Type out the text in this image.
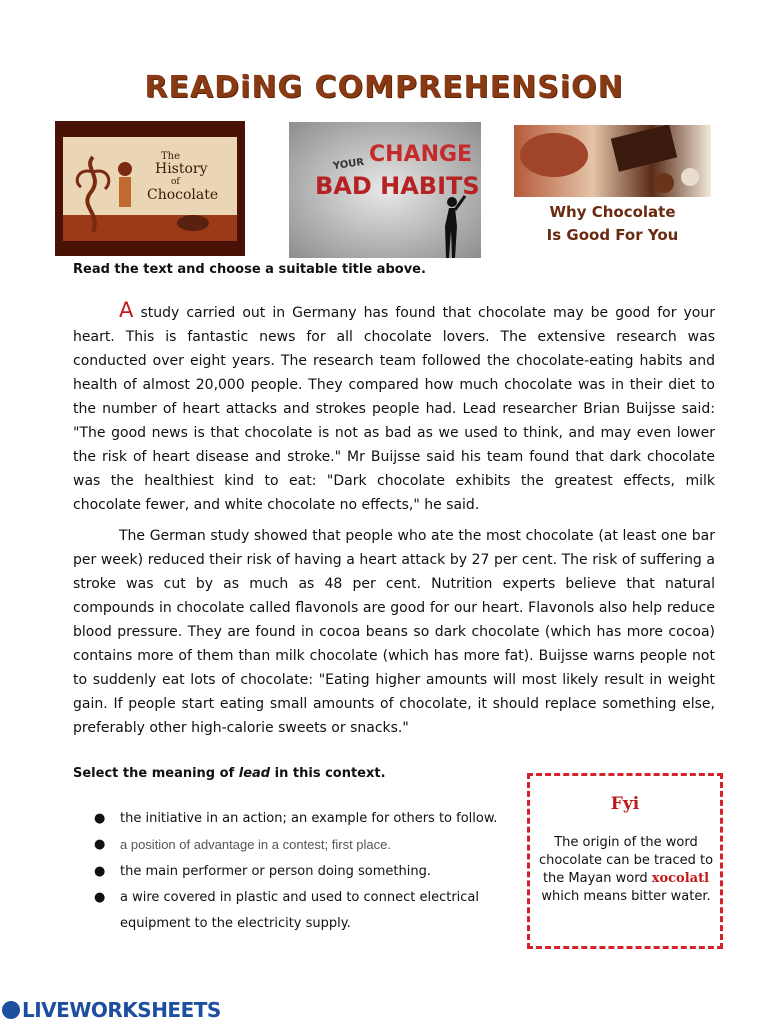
READiNG COMPREHENSiON
The
History
of
Chocolate
YOUR CHANGE
BAD HABITS
Why Chocolate
Is Good For You
Read the text and choose a suitable title above.

A study carried out in Germany has found that chocolate may be good for your heart. This is fantastic news for all chocolate lovers. The extensive research was conducted over eight years. The research team followed the chocolate-eating habits and health of almost 20,000 people. They compared how much chocolate was in their diet to the number of heart attacks and strokes people had. Lead researcher Brian Buijsse said: "The good news is that chocolate is not as bad as we used to think, and may even lower the risk of heart disease and stroke." Mr Buijsse said his team found that dark chocolate was the healthiest kind to eat: "Dark chocolate exhibits the greatest effects, milk chocolate fewer, and white chocolate no effects," he said.

The German study showed that people who ate the most chocolate (at least one bar per week) reduced their risk of having a heart attack by 27 per cent. The risk of suffering a stroke was cut by as much as 48 per cent. Nutrition experts believe that natural compounds in chocolate called flavonols are good for our heart. Flavonols also help reduce blood pressure. They are found in cocoa beans so dark chocolate (which has more cocoa) contains more of them than milk chocolate (which has more fat). Buijsse warns people not to suddenly eat lots of chocolate: "Eating higher amounts will most likely result in weight gain. If people start eating small amounts of chocolate, it should replace something else, preferably other high-calorie sweets or snacks."

Select the meaning of lead in this context.
● the initiative in an action; an example for others to follow.
● a position of advantage in a contest; first place.
● the main performer or person doing something.
● a wire covered in plastic and used to connect electrical equipment to the electricity supply.
Fyi
The origin of the word chocolate can be traced to the Mayan word xocolatl which means bitter water.
LIVEWORKSHEETS
